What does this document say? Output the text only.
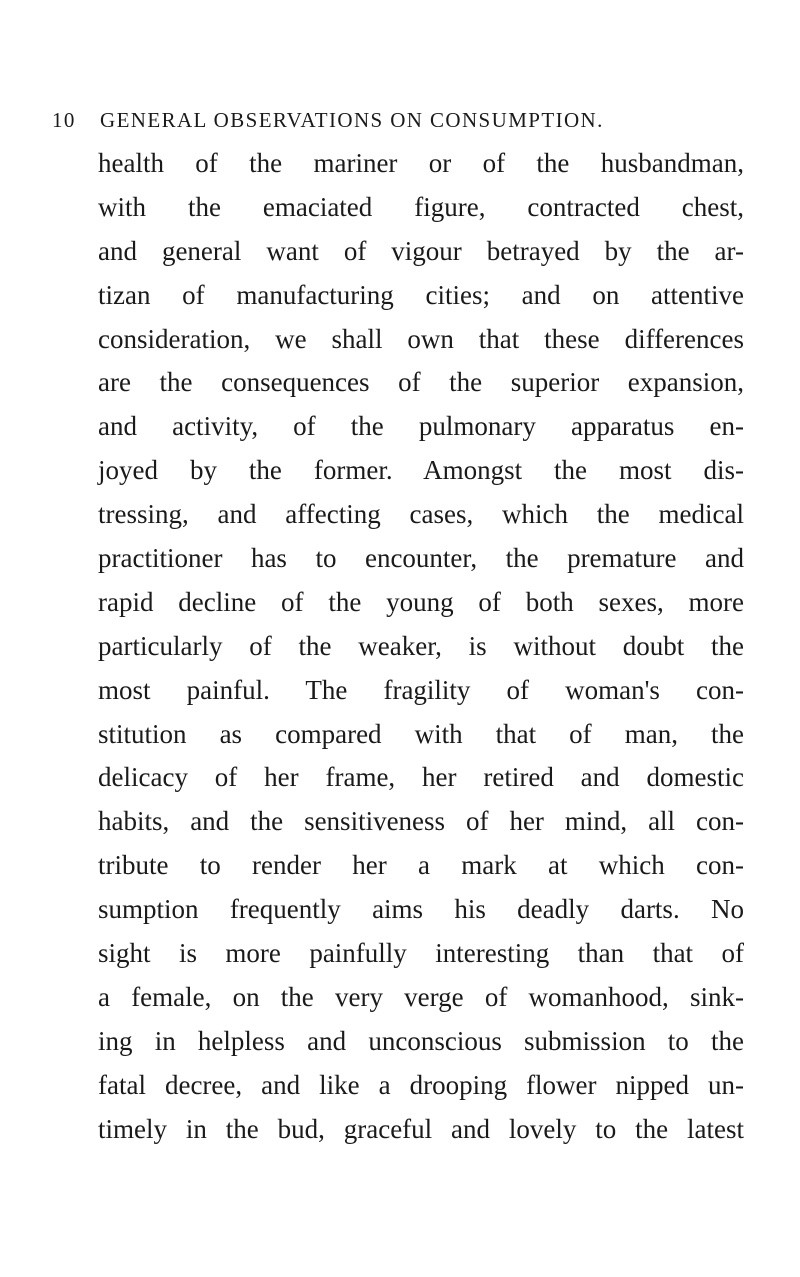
10 GENERAL OBSERVATIONS ON CONSUMPTION.
health of the mariner or of the husbandman,
with the emaciated figure, contracted chest,
and general want of vigour betrayed by the ar-
tizan of manufacturing cities; and on attentive
consideration, we shall own that these differences
are the consequences of the superior expansion,
and activity, of the pulmonary apparatus en-
joyed by the former. Amongst the most dis-
tressing, and affecting cases, which the medical
practitioner has to encounter, the premature and
rapid decline of the young of both sexes, more
particularly of the weaker, is without doubt the
most painful. The fragility of woman's con-
stitution as compared with that of man, the
delicacy of her frame, her retired and domestic
habits, and the sensitiveness of her mind, all con-
tribute to render her a mark at which con-
sumption frequently aims his deadly darts. No
sight is more painfully interesting than that of
a female, on the very verge of womanhood, sink-
ing in helpless and unconscious submission to the
fatal decree, and like a drooping flower nipped un-
timely in the bud, graceful and lovely to the latest
